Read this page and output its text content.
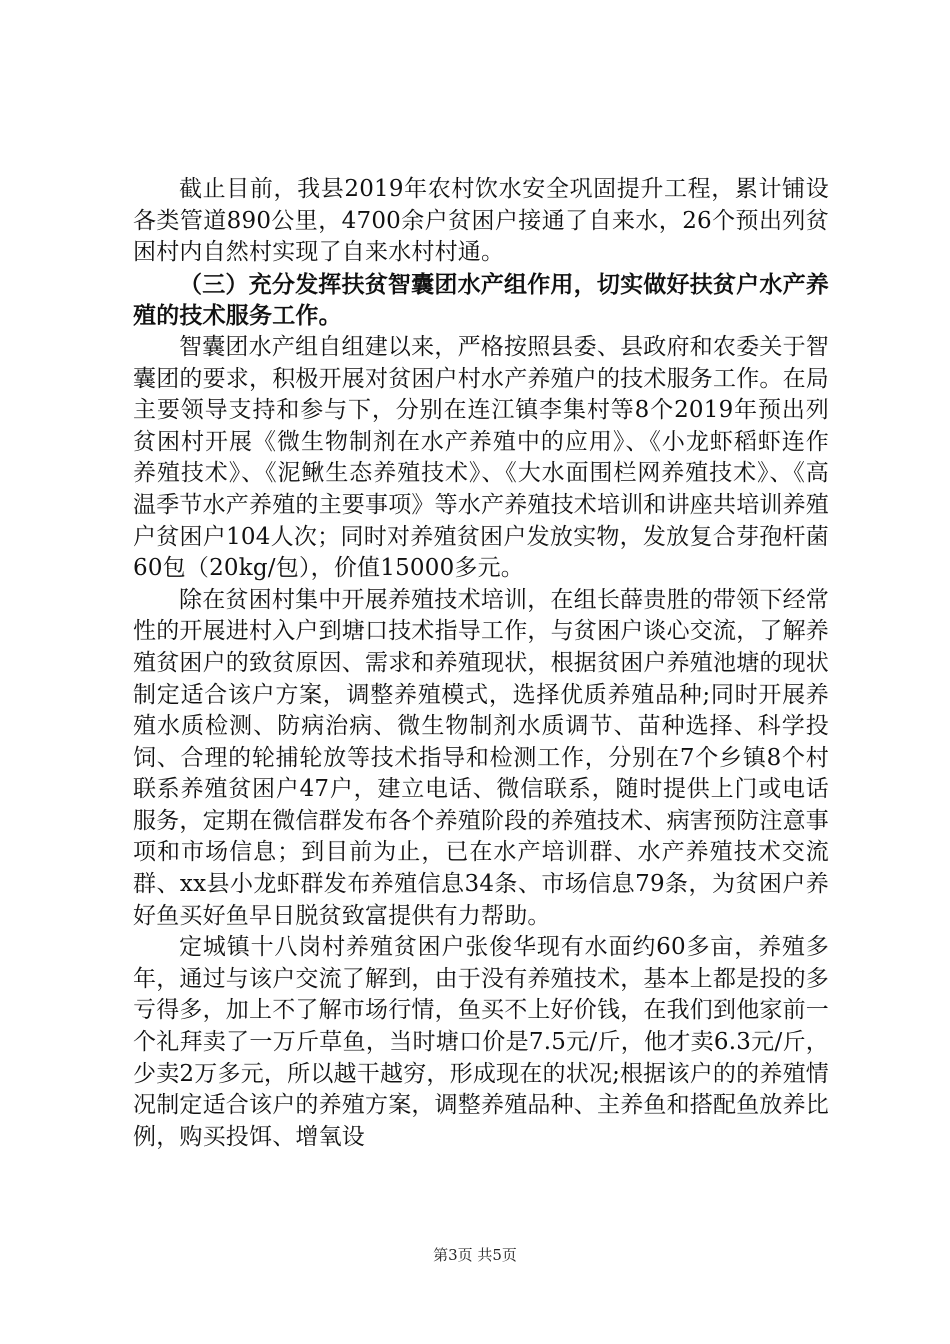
截止目前，我县2019年农村饮水安全巩固提升工程，累计铺设各类管道890公里，4700余户贫困户接通了自来水，26个预出列贫困村内自然村实现了自来水村村通。

（三）充分发挥扶贫智囊团水产组作用，切实做好扶贫户水产养殖的技术服务工作。

智囊团水产组自组建以来，严格按照县委、县政府和农委关于智囊团的要求，积极开展对贫困户村水产养殖户的技术服务工作。在局主要领导支持和参与下，分别在连江镇李集村等8个2019年预出列贫困村开展《微生物制剂在水产养殖中的应用》、《小龙虾稻虾连作养殖技术》、《泥鳅生态养殖技术》、《大水面围栏网养殖技术》、《高温季节水产养殖的主要事项》等水产养殖技术培训和讲座共培训养殖户贫困户104人次；同时对养殖贫困户发放实物，发放复合芽孢杆菌60包（20kg/包），价值15000多元。

除在贫困村集中开展养殖技术培训，在组长薛贵胜的带领下经常性的开展进村入户到塘口技术指导工作，与贫困户谈心交流，了解养殖贫困户的致贫原因、需求和养殖现状，根据贫困户养殖池塘的现状制定适合该户方案，调整养殖模式，选择优质养殖品种;同时开展养殖水质检测、防病治病、微生物制剂水质调节、苗种选择、科学投饲、合理的轮捕轮放等技术指导和检测工作，分别在7个乡镇8个村联系养殖贫困户47户，建立电话、微信联系，随时提供上门或电话服务，定期在微信群发布各个养殖阶段的养殖技术、病害预防注意事项和市场信息；到目前为止，已在水产培训群、水产养殖技术交流群、xx县小龙虾群发布养殖信息34条、市场信息79条，为贫困户养好鱼买好鱼早日脱贫致富提供有力帮助。

定城镇十八岗村养殖贫困户张俊华现有水面约60多亩，养殖多年，通过与该户交流了解到，由于没有养殖技术，基本上都是投的多亏得多，加上不了解市场行情，鱼买不上好价钱，在我们到他家前一个礼拜卖了一万斤草鱼，当时塘口价是7.5元/斤，他才卖6.3元/斤，少卖2万多元，所以越干越穷，形成现在的状况;根据该户的的养殖情况制定适合该户的养殖方案，调整养殖品种、主养鱼和搭配鱼放养比例，购买投饵、增氧设

第3页 共5页
